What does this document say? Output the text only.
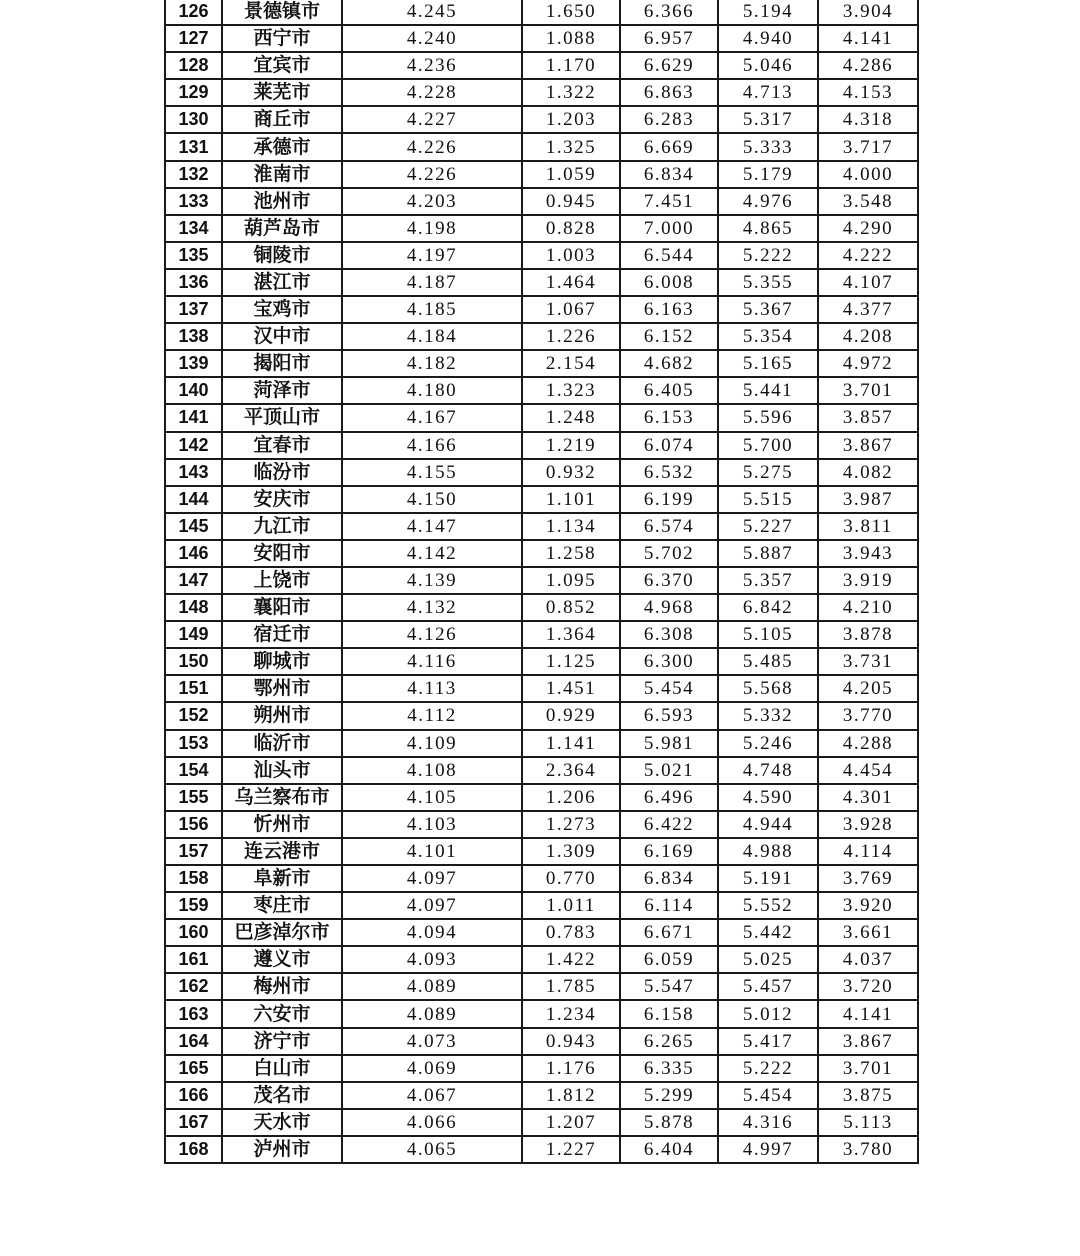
126	景德镇市	4.245	1.650	6.366	5.194	3.904
127	西宁市	4.240	1.088	6.957	4.940	4.141
128	宜宾市	4.236	1.170	6.629	5.046	4.286
129	莱芜市	4.228	1.322	6.863	4.713	4.153
130	商丘市	4.227	1.203	6.283	5.317	4.318
131	承德市	4.226	1.325	6.669	5.333	3.717
132	淮南市	4.226	1.059	6.834	5.179	4.000
133	池州市	4.203	0.945	7.451	4.976	3.548
134	葫芦岛市	4.198	0.828	7.000	4.865	4.290
135	铜陵市	4.197	1.003	6.544	5.222	4.222
136	湛江市	4.187	1.464	6.008	5.355	4.107
137	宝鸡市	4.185	1.067	6.163	5.367	4.377
138	汉中市	4.184	1.226	6.152	5.354	4.208
139	揭阳市	4.182	2.154	4.682	5.165	4.972
140	菏泽市	4.180	1.323	6.405	5.441	3.701
141	平顶山市	4.167	1.248	6.153	5.596	3.857
142	宜春市	4.166	1.219	6.074	5.700	3.867
143	临汾市	4.155	0.932	6.532	5.275	4.082
144	安庆市	4.150	1.101	6.199	5.515	3.987
145	九江市	4.147	1.134	6.574	5.227	3.811
146	安阳市	4.142	1.258	5.702	5.887	3.943
147	上饶市	4.139	1.095	6.370	5.357	3.919
148	襄阳市	4.132	0.852	4.968	6.842	4.210
149	宿迁市	4.126	1.364	6.308	5.105	3.878
150	聊城市	4.116	1.125	6.300	5.485	3.731
151	鄂州市	4.113	1.451	5.454	5.568	4.205
152	朔州市	4.112	0.929	6.593	5.332	3.770
153	临沂市	4.109	1.141	5.981	5.246	4.288
154	汕头市	4.108	2.364	5.021	4.748	4.454
155	乌兰察布市	4.105	1.206	6.496	4.590	4.301
156	忻州市	4.103	1.273	6.422	4.944	3.928
157	连云港市	4.101	1.309	6.169	4.988	4.114
158	阜新市	4.097	0.770	6.834	5.191	3.769
159	枣庄市	4.097	1.011	6.114	5.552	3.920
160	巴彦淖尔市	4.094	0.783	6.671	5.442	3.661
161	遵义市	4.093	1.422	6.059	5.025	4.037
162	梅州市	4.089	1.785	5.547	5.457	3.720
163	六安市	4.089	1.234	6.158	5.012	4.141
164	济宁市	4.073	0.943	6.265	5.417	3.867
165	白山市	4.069	1.176	6.335	5.222	3.701
166	茂名市	4.067	1.812	5.299	5.454	3.875
167	天水市	4.066	1.207	5.878	4.316	5.113
168	泸州市	4.065	1.227	6.404	4.997	3.780
